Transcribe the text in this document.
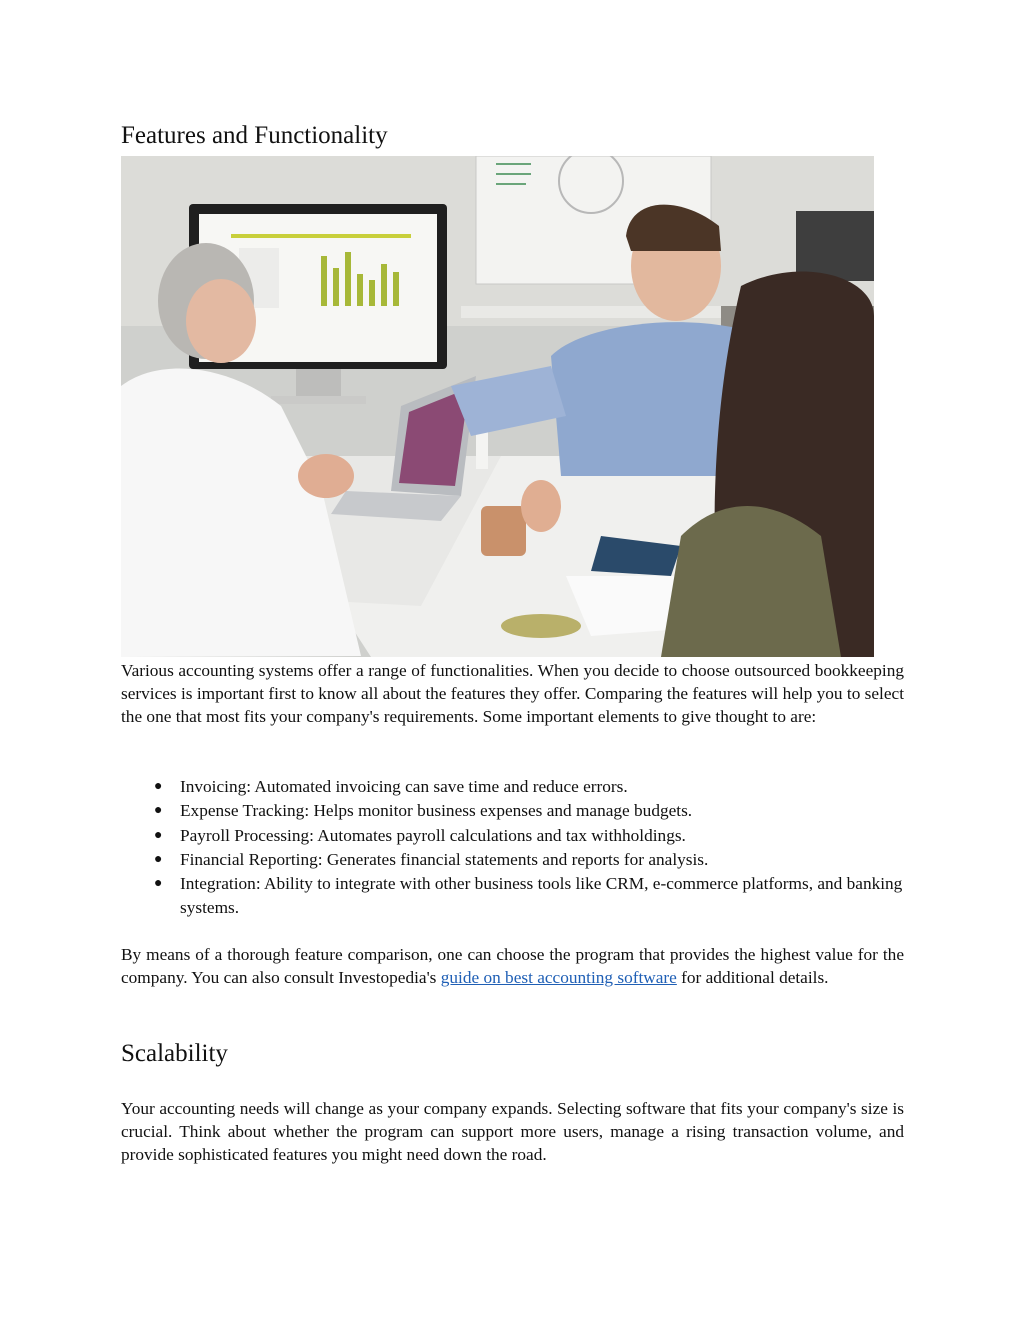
Features and Functionality

Various accounting systems offer a range of functionalities. When you decide to choose outsourced bookkeeping services is important first to know all about the features they offer. Comparing the features will help you to select the one that most fits your company's requirements. Some important elements to give thought to are:

● Invoicing: Automated invoicing can save time and reduce errors.
● Expense Tracking: Helps monitor business expenses and manage budgets.
● Payroll Processing: Automates payroll calculations and tax withholdings.
● Financial Reporting: Generates financial statements and reports for analysis.
● Integration: Ability to integrate with other business tools like CRM, e-commerce platforms, and banking systems.

By means of a thorough feature comparison, one can choose the program that provides the highest value for the company. You can also consult Investopedia's guide on best accounting software for additional details.

Scalability

Your accounting needs will change as your company expands. Selecting software that fits your company's size is crucial. Think about whether the program can support more users, manage a rising transaction volume, and provide sophisticated features you might need down the road.
